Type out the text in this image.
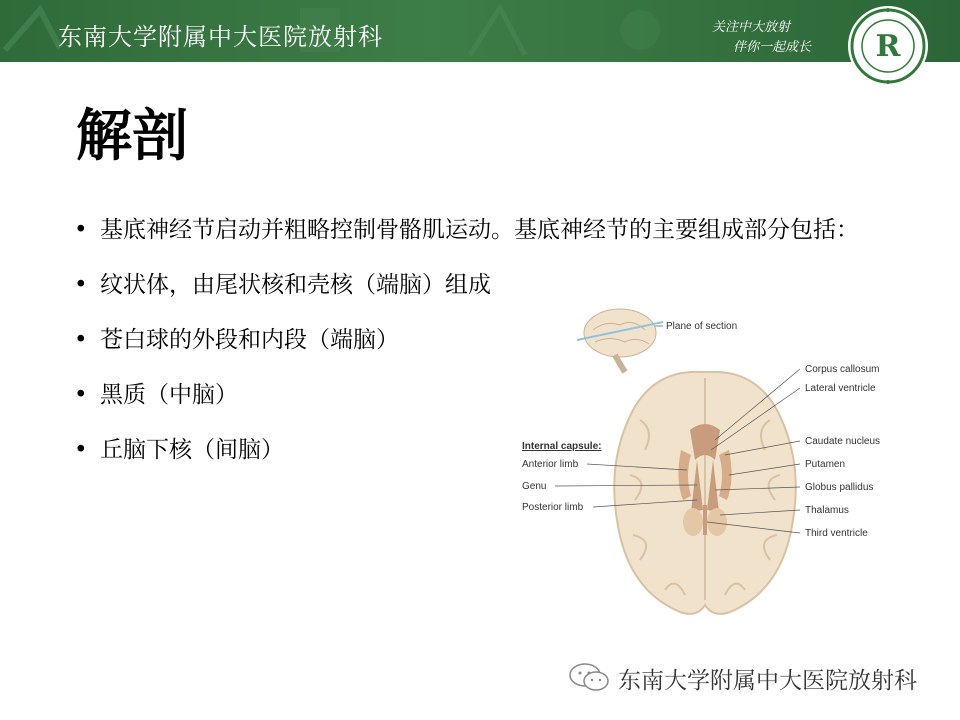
东南大学附属中大医院放射科	关注中大放射
伴你一起成长 R
解剖
• 基底神经节启动并粗略控制骨骼肌运动。基底神经节的主要组成部分包括：
• 纹状体，由尾状核和壳核（端脑）组成
• 苍白球的外段和内段（端脑）
• 黑质（中脑）
• 丘脑下核（间脑）
Plane of section
Corpus callosum
Lateral ventricle
Caudate nucleus
Putamen
Globus pallidus
Thalamus
Third ventricle
Internal capsule:
Anterior limb
Genu
Posterior limb
东南大学附属中大医院放射科
